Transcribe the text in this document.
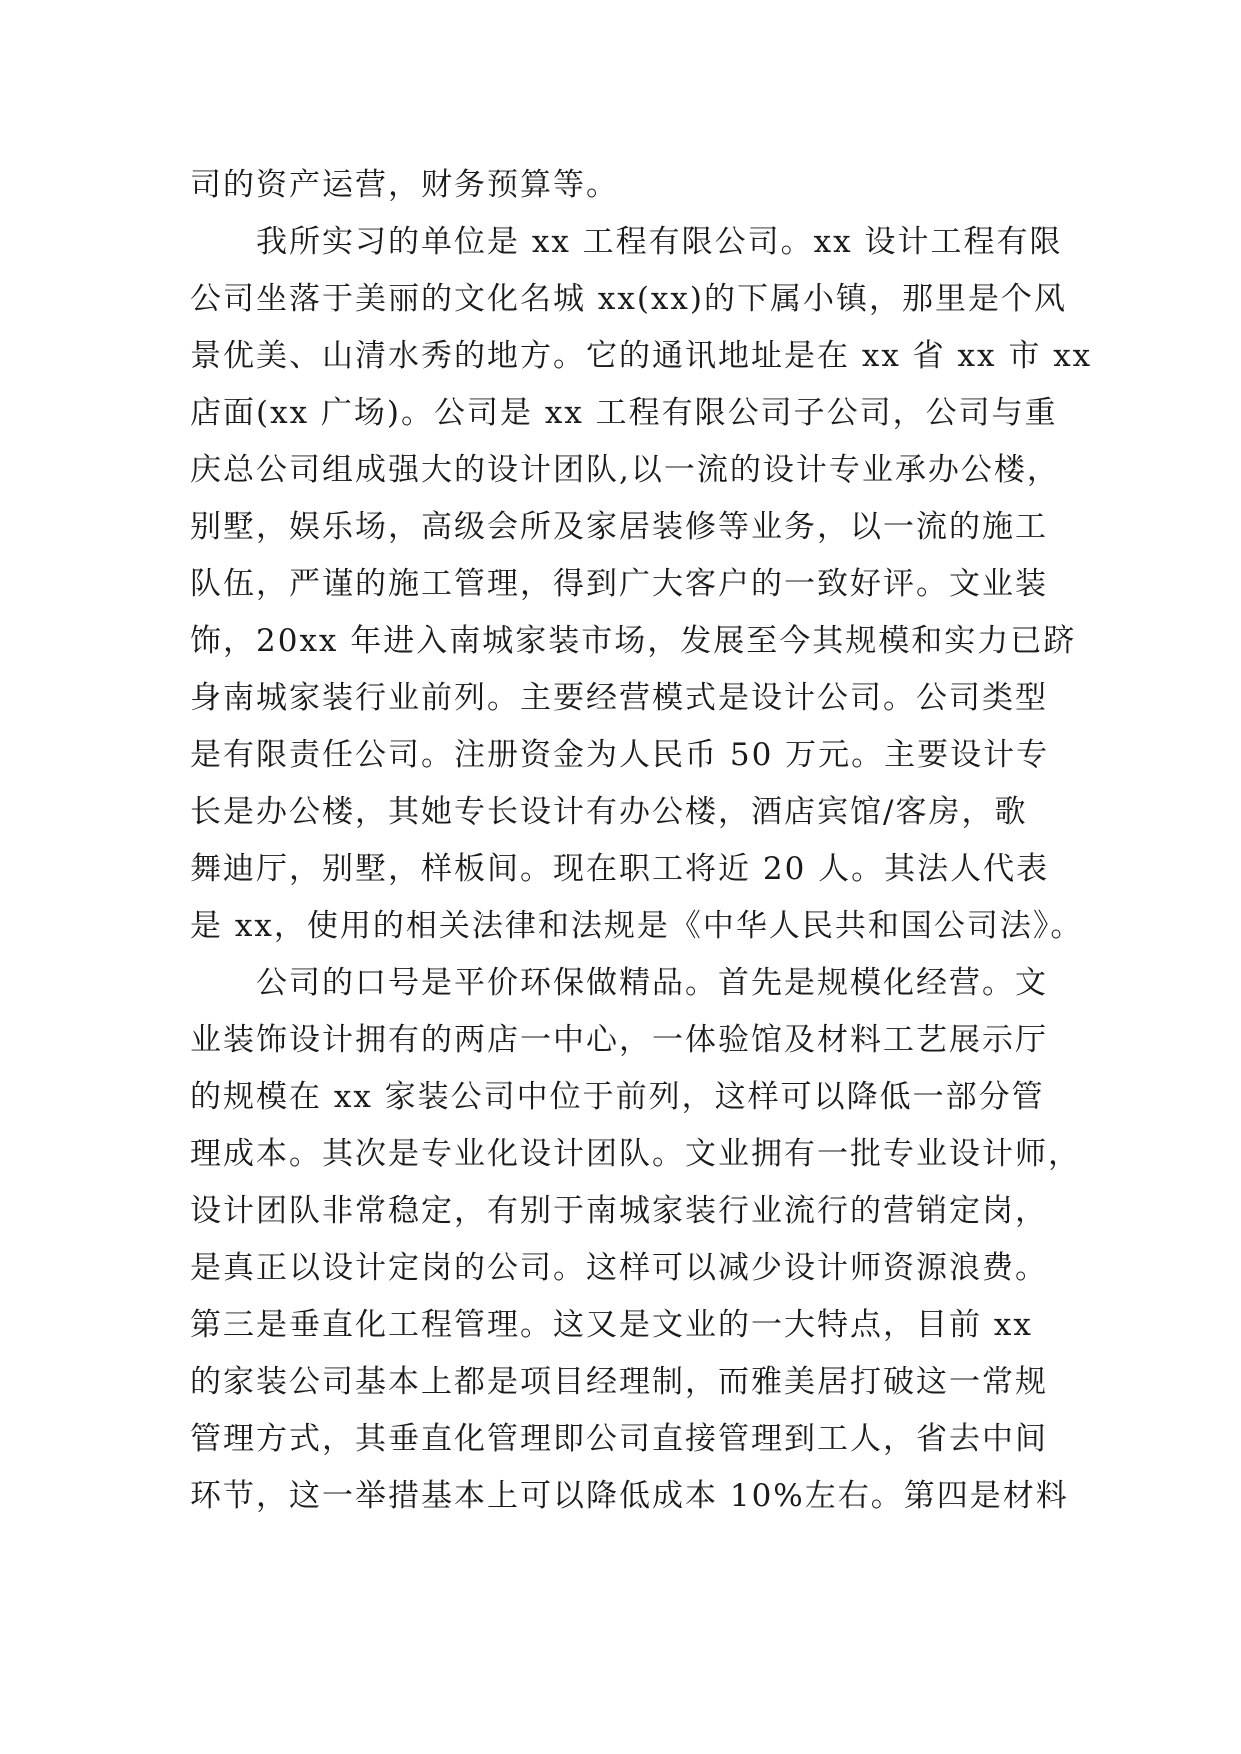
司的资产运营，财务预算等。
我所实习的单位是 xx 工程有限公司。xx 设计工程有限
公司坐落于美丽的文化名城 xx(xx)的下属小镇，那里是个风
景优美、山清水秀的地方。它的通讯地址是在 xx 省 xx 市 xx
店面(xx 广场)。公司是 xx 工程有限公司子公司，公司与重
庆总公司组成强大的设计团队,以一流的设计专业承办公楼，
别墅，娱乐场，高级会所及家居装修等业务，以一流的施工
队伍，严谨的施工管理，得到广大客户的一致好评。文业装
饰，20xx 年进入南城家装市场，发展至今其规模和实力已跻
身南城家装行业前列。主要经营模式是设计公司。公司类型
是有限责任公司。注册资金为人民币 50 万元。主要设计专
长是办公楼，其她专长设计有办公楼，酒店宾馆/客房，歌
舞迪厅，别墅，样板间。现在职工将近 20 人。其法人代表
是 xx，使用的相关法律和法规是《中华人民共和国公司法》。
公司的口号是平价环保做精品。首先是规模化经营。文
业装饰设计拥有的两店一中心，一体验馆及材料工艺展示厅
的规模在 xx 家装公司中位于前列，这样可以降低一部分管
理成本。其次是专业化设计团队。文业拥有一批专业设计师，
设计团队非常稳定，有别于南城家装行业流行的营销定岗，
是真正以设计定岗的公司。这样可以减少设计师资源浪费。
第三是垂直化工程管理。这又是文业的一大特点，目前 xx
的家装公司基本上都是项目经理制，而雅美居打破这一常规
管理方式，其垂直化管理即公司直接管理到工人，省去中间
环节，这一举措基本上可以降低成本 10%左右。第四是材料
